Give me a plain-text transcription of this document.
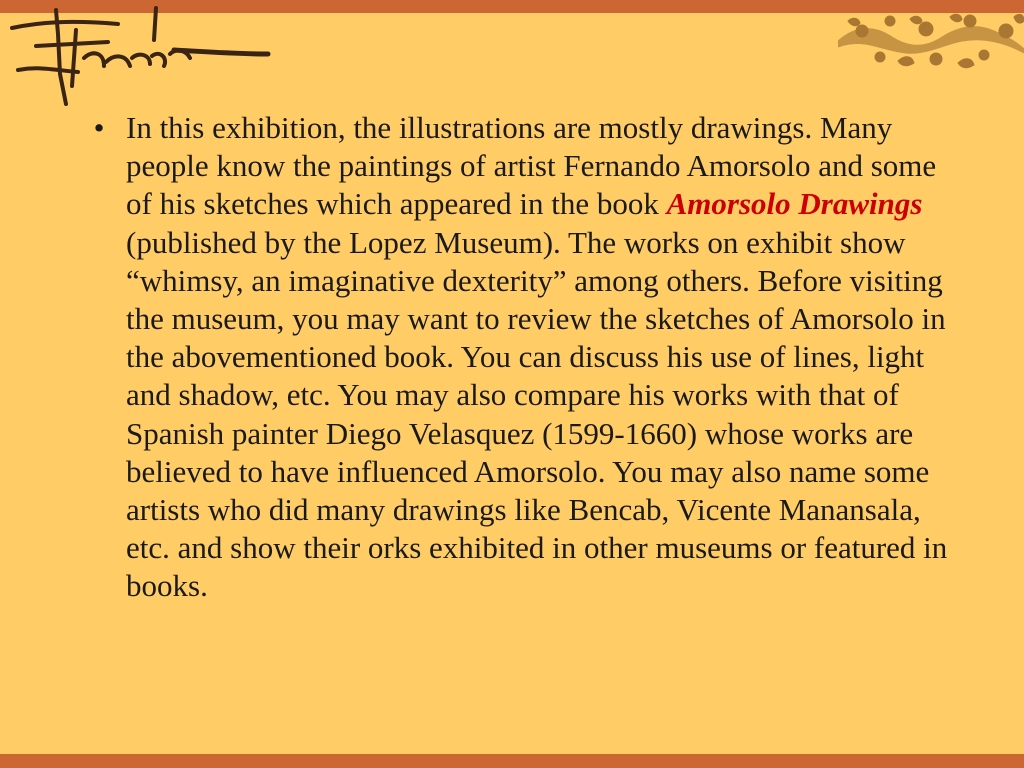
• In this exhibition, the illustrations are mostly drawings. Many people know the paintings of artist Fernando Amorsolo and some of his sketches which appeared in the book Amorsolo Drawings (published by the Lopez Museum). The works on exhibit show “whimsy, an imaginative dexterity” among others. Before visiting the museum, you may want to review the sketches of Amorsolo in the abovementioned book. You can discuss his use of lines, light and shadow, etc. You may also compare his works with that of Spanish painter Diego Velasquez (1599-1660) whose works are believed to have influenced Amorsolo. You may also name some artists who did many drawings like Bencab, Vicente Manansala, etc. and show their orks exhibited in other museums or featured in books.
